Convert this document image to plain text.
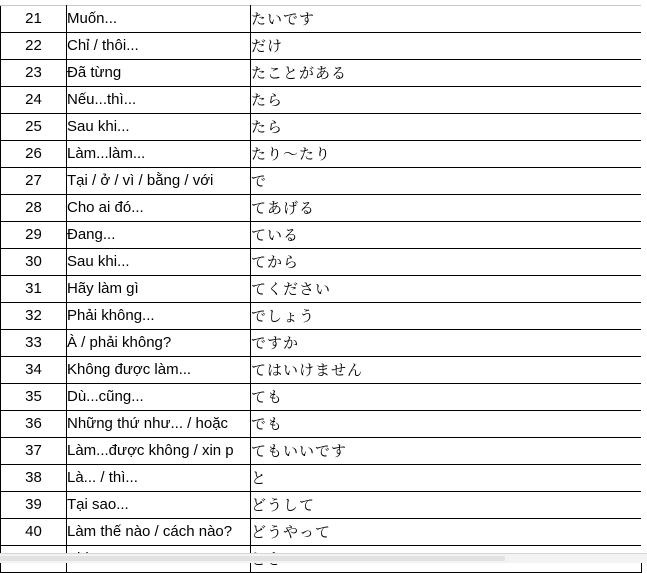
21	Muốn...	たいです
22	Chỉ / thôi...	だけ
23	Đã từng	たことがある
24	Nếu...thì...	たら
25	Sau khi...	たら
26	Làm...làm...	たり～たり
27	Tại / ở / vì / bằng / với	で
28	Cho ai đó...	てあげる
29	Đang...	ている
30	Sau khi...	てから
31	Hãy làm gì	てください
32	Phải không...	でしょう
33	À / phải không?	ですか
34	Không được làm...	てはいけません
35	Dù...cũng...	ても
36	Những thứ như... / hoặc	でも
37	Làm...được không / xin p	てもいいです
38	Là... / thì...	と
39	Tại sao...	どうして
40	Làm thế nào / cách nào?	どうやって
